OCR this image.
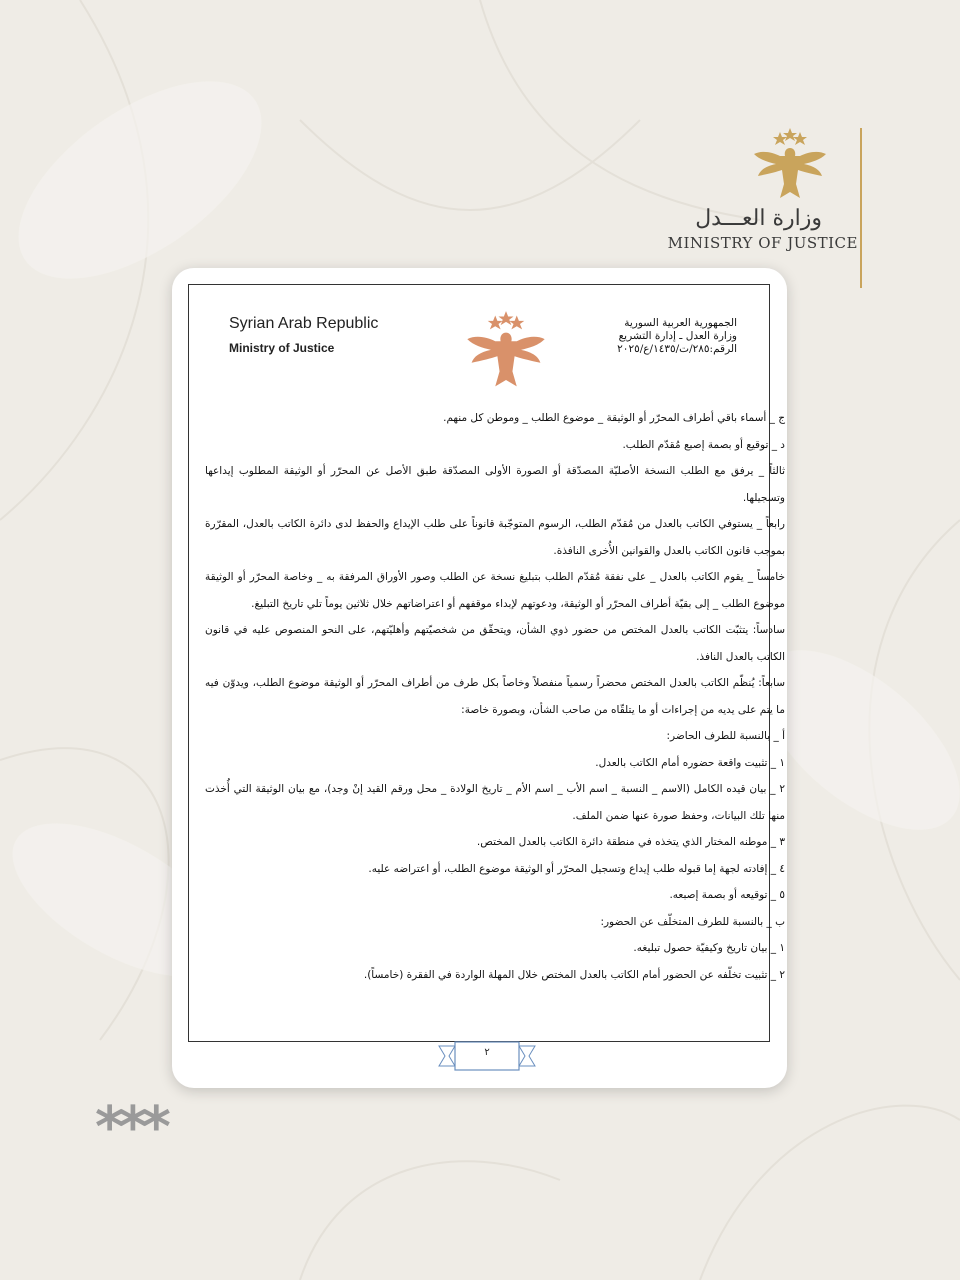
وزارة العـــدل
MINISTRY OF JUSTICE
Syrian Arab Republic
Ministry of Justice
الجمهورية العربية السورية
وزارة العدل ـ إدارة التشريع
الرقم:٢٨٥/ت/١٤٣٥/ع/٢٠٢٥

ج _ أسماء باقي أطراف المحرّر أو الوثيقة _ موضوع الطلب _ وموطن كل منهم.

د _ توقيع أو بصمة إصبع مُقدّم الطلب.

ثالثاً _ يرفق مع الطلب النسخة الأصليّة المصدّقة أو الصورة الأولى المصدّقة طبق الأصل عن المحرّر أو الوثيقة المطلوب إيداعها وتسجيلها.

رابعاً _ يستوفي الكاتب بالعدل من مُقدّم الطلب، الرسوم المتوجّبة قانوناً على طلب الإيداع والحفظ لدى دائرة الكاتب بالعدل، المقرّرة بموجب قانون الكاتب بالعدل والقوانين الأُخرى النافذة.

خامساً _ يقوم الكاتب بالعدل _ على نفقة مُقدّم الطلب بتبليغ نسخة عن الطلب وصور الأوراق المرفقة به _ وخاصة المحرّر أو الوثيقة موضوع الطلب _ إلى بقيّة أطراف المحرّر أو الوثيقة، ودعوتهم لإبداء موقفهم أو اعتراضاتهم خلال ثلاثين يوماً تلي تاريخ التبليغ.

سادساً: يتثبّت الكاتب بالعدل المختص من حضور ذوي الشأن، ويتحقّق من شخصيّتهم وأهليّتهم، على النحو المنصوص عليه في قانون الكاتب بالعدل النافذ.

سابعاً: يُنظّم الكاتب بالعدل المختص محضراً رسمياً منفصلاً وخاصاً بكل طرف من أطراف المحرّر أو الوثيقة موضوع الطلب، ويدوّن فيه ما يتم على يديه من إجراءات أو ما يتلقّاه من صاحب الشأن، وبصورة خاصة:

أ _ بالنسبة للطرف الحاضر:

١ _ تثبيت واقعة حضوره أمام الكاتب بالعدل.

٢ _ بيان قيده الكامل (الاسم _ النسبة _ اسم الأب _ اسم الأم _ تاريخ الولادة _ محل ورقم القيد إنْ وجد)، مع بيان الوثيقة التي أُخذت منها تلك البيانات، وحفظ صورة عنها ضمن الملف.

٣ _ موطنه المختار الذي يتخذه في منطقة دائرة الكاتب بالعدل المختص.

٤ _ إفادته لجهة إما قبوله طلب إيداع وتسجيل المحرّر أو الوثيقة موضوع الطلب، أو اعتراضه عليه.

٥ _ توقيعه أو بصمة إصبعه.

ب _ بالنسبة للطرف المتخلّف عن الحضور:

١ _ بيان تاريخ وكيفيّة حصول تبليغه.

٢ _ تثبيت تخلّفه عن الحضور أمام الكاتب بالعدل المختص خلال المهلة الواردة في الفقرة (خامساً).

٢
***
